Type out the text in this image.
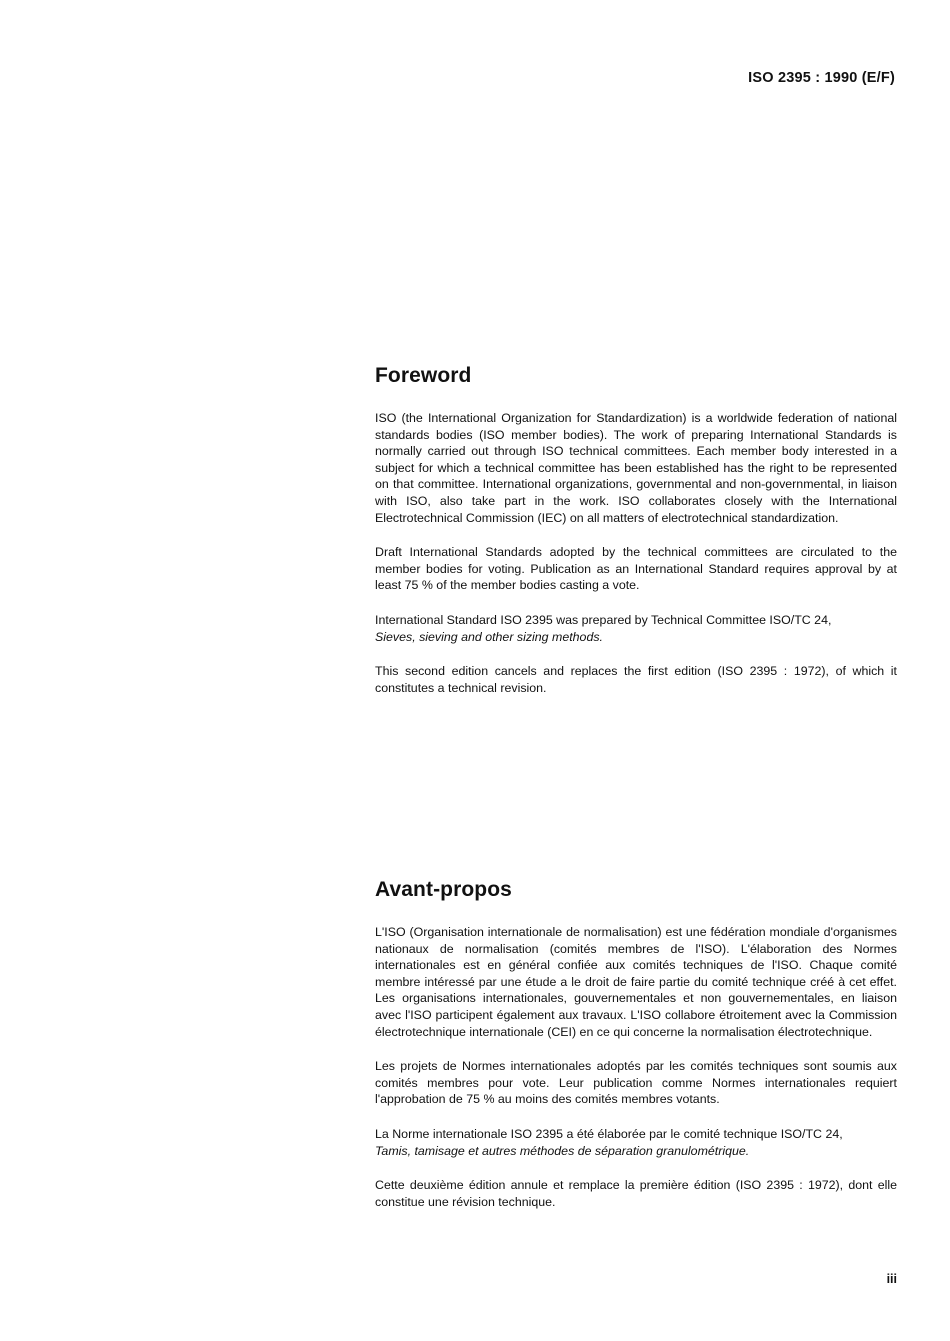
ISO 2395 : 1990 (E/F)
Foreword

ISO (the International Organization for Standardization) is a worldwide federation of national standards bodies (ISO member bodies). The work of preparing International Standards is normally carried out through ISO technical committees. Each member body interested in a subject for which a technical committee has been established has the right to be represented on that committee. International organizations, governmental and non-governmental, in liaison with ISO, also take part in the work. ISO collaborates closely with the International Electrotechnical Commission (IEC) on all matters of electrotechnical standardization.

Draft International Standards adopted by the technical committees are circulated to the member bodies for voting. Publication as an International Standard requires approval by at least 75 % of the member bodies casting a vote.

International Standard ISO 2395 was prepared by Technical Committee ISO/TC 24,
Sieves, sieving and other sizing methods.

This second edition cancels and replaces the first edition (ISO 2395 : 1972), of which it constitutes a technical revision.

Avant-propos

L'ISO (Organisation internationale de normalisation) est une fédération mondiale d'organismes nationaux de normalisation (comités membres de l'ISO). L'élaboration des Normes internationales est en général confiée aux comités techniques de l'ISO. Chaque comité membre intéressé par une étude a le droit de faire partie du comité technique créé à cet effet. Les organisations internationales, gouvernementales et non gouvernementales, en liaison avec l'ISO participent également aux travaux. L'ISO collabore étroitement avec la Commission électrotechnique internationale (CEI) en ce qui concerne la normalisation électrotechnique.

Les projets de Normes internationales adoptés par les comités techniques sont soumis aux comités membres pour vote. Leur publication comme Normes internationales requiert l'approbation de 75 % au moins des comités membres votants.

La Norme internationale ISO 2395 a été élaborée par le comité technique ISO/TC 24,
Tamis, tamisage et autres méthodes de séparation granulométrique.

Cette deuxième édition annule et remplace la première édition (ISO 2395 : 1972), dont elle constitue une révision technique.

iii
